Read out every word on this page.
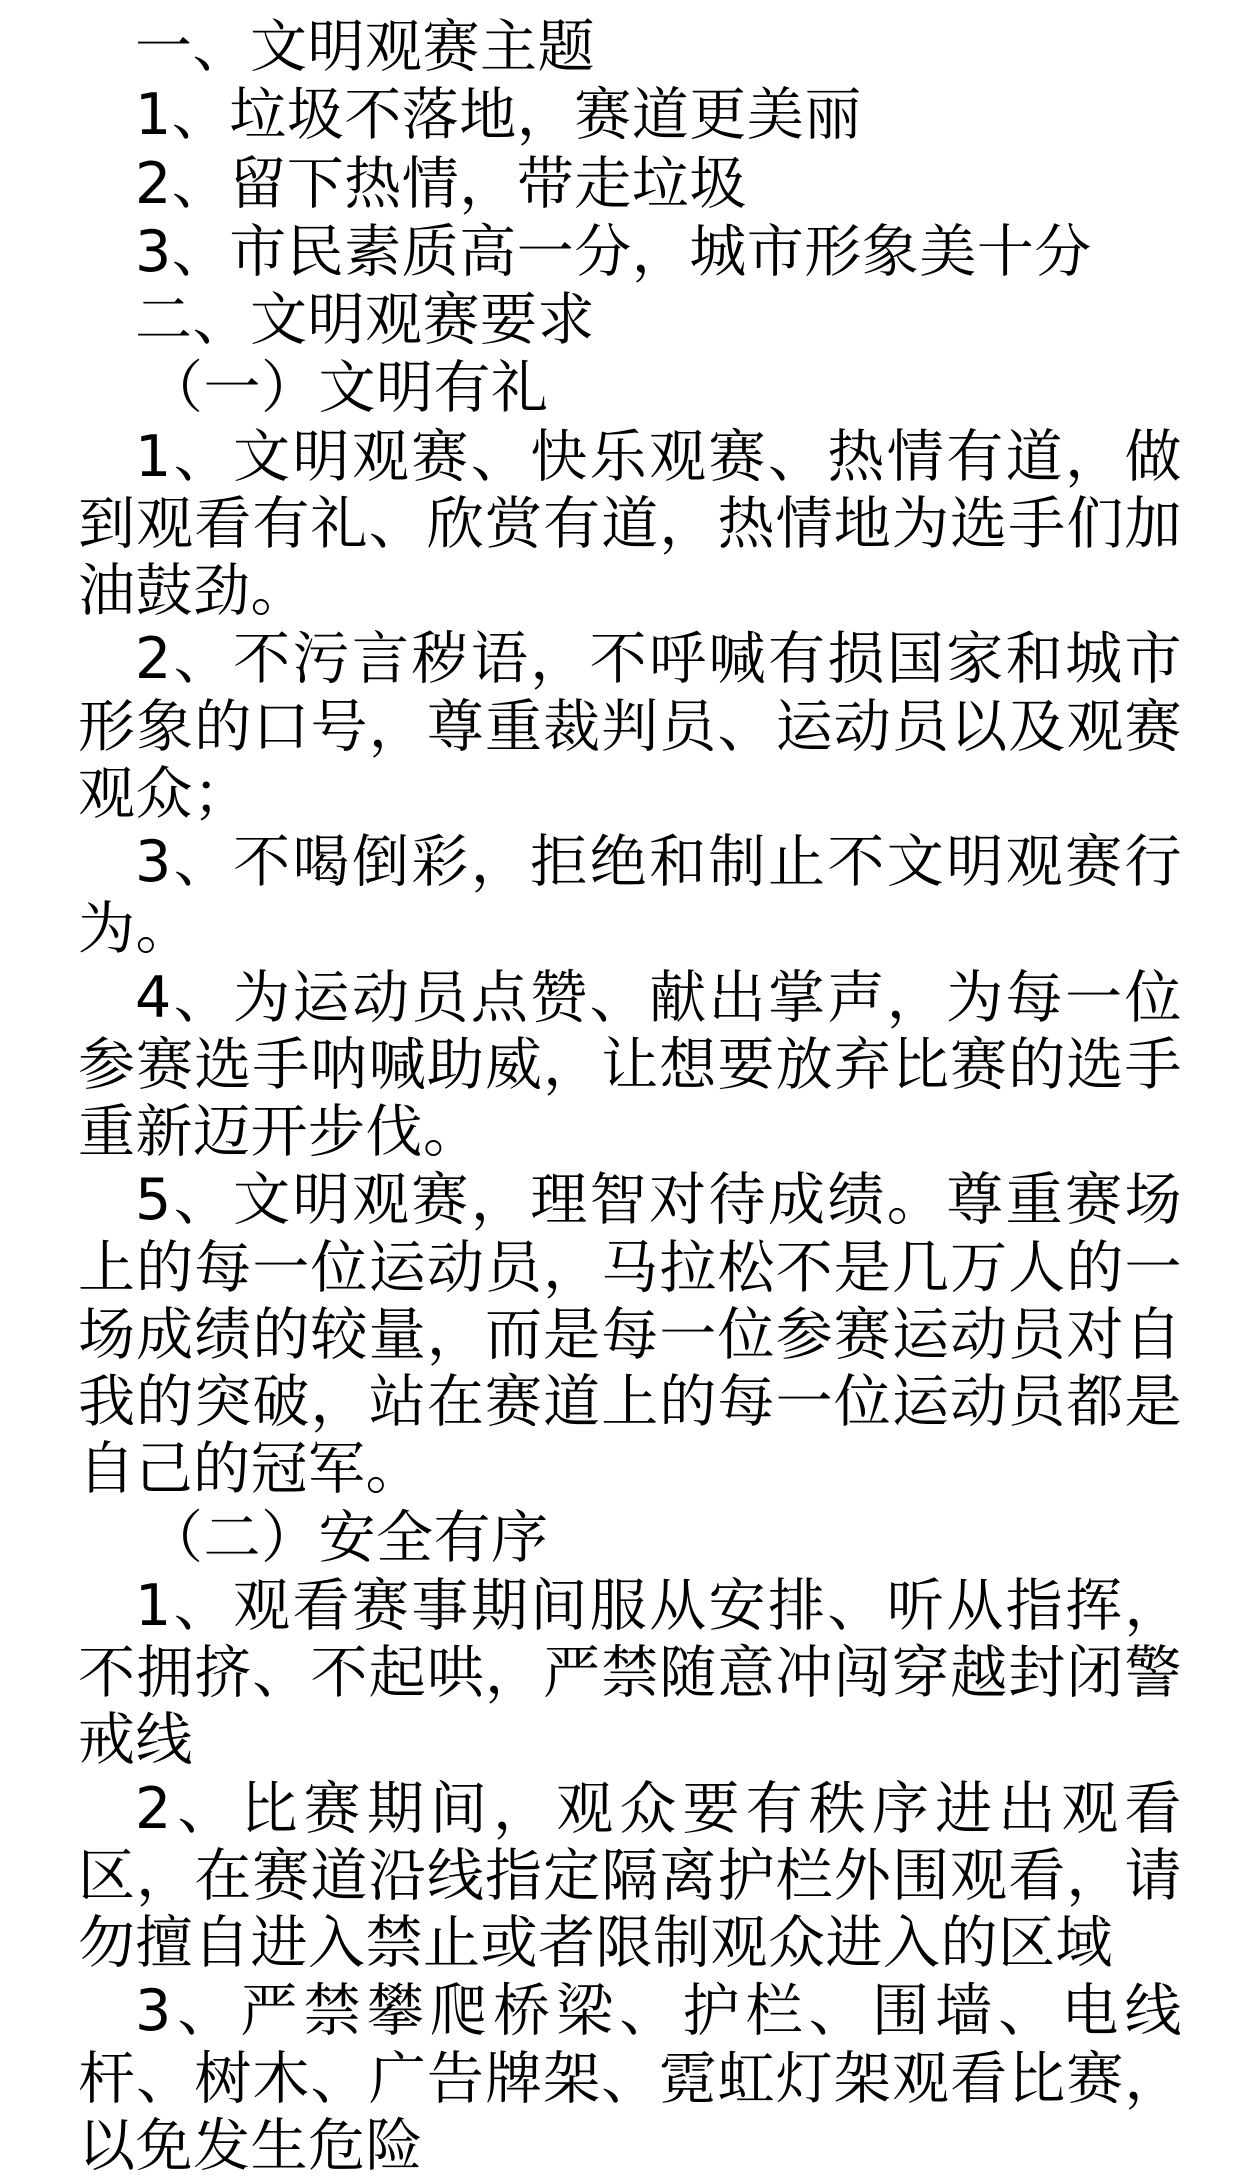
一、文明观赛主题

1、垃圾不落地，赛道更美丽

2、留下热情，带走垃圾

3、市民素质高一分，城市形象美十分

二、文明观赛要求

（一）文明有礼

1、文明观赛、快乐观赛、热情有道，做到观看有礼、欣赏有道，热情地为选手们加油鼓劲。

2、不污言秽语，不呼喊有损国家和城市形象的口号，尊重裁判员、运动员以及观赛观众；

3、不喝倒彩，拒绝和制止不文明观赛行为。

4、为运动员点赞、献出掌声，为每一位参赛选手呐喊助威，让想要放弃比赛的选手重新迈开步伐。

5、文明观赛，理智对待成绩。尊重赛场上的每一位运动员，马拉松不是几万人的一场成绩的较量，而是每一位参赛运动员对自我的突破，站在赛道上的每一位运动员都是自己的冠军。

（二）安全有序

1、观看赛事期间服从安排、听从指挥，不拥挤、不起哄，严禁随意冲闯穿越封闭警戒线

2、比赛期间，观众要有秩序进出观看区，在赛道沿线指定隔离护栏外围观看，请勿擅自进入禁止或者限制观众进入的区域

3、严禁攀爬桥梁、护栏、围墙、电线杆、树木、广告牌架、霓虹灯架观看比赛，以免发生危险
